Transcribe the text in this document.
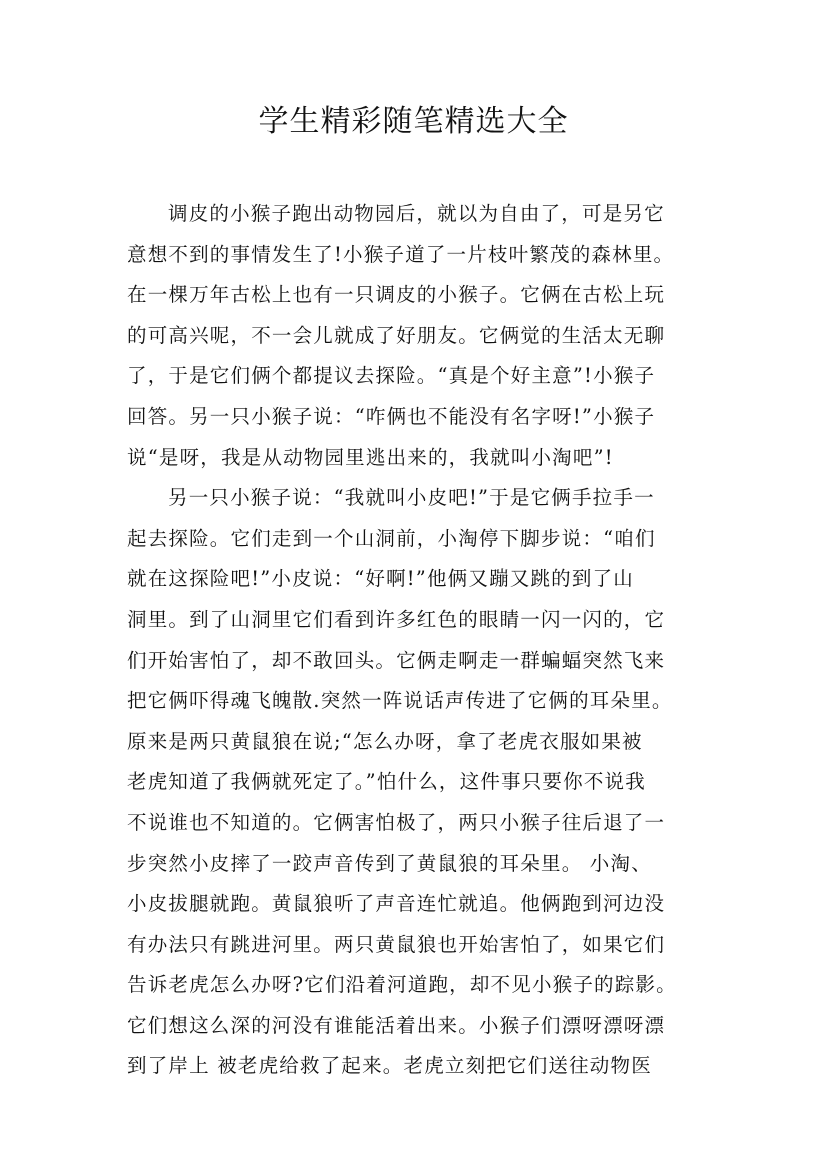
学生精彩随笔精选大全
调皮的小猴子跑出动物园后，就以为自由了，可是另它
意想不到的事情发生了!小猴子道了一片枝叶繁茂的森林里。
在一棵万年古松上也有一只调皮的小猴子。它俩在古松上玩
的可高兴呢，不一会儿就成了好朋友。它俩觉的生活太无聊
了，于是它们俩个都提议去探险。“真是个好主意”!小猴子
回答。另一只小猴子说：“咋俩也不能没有名字呀!”小猴子
说“是呀，我是从动物园里逃出来的，我就叫小淘吧”!
另一只小猴子说：“我就叫小皮吧!”于是它俩手拉手一
起去探险。它们走到一个山洞前，小淘停下脚步说：“咱们
就在这探险吧!”小皮说：“好啊!”他俩又蹦又跳的到了山
洞里。到了山洞里它们看到许多红色的眼睛一闪一闪的，它
们开始害怕了，却不敢回头。它俩走啊走一群蝙蝠突然飞来
把它俩吓得魂飞魄散.突然一阵说话声传进了它俩的耳朵里。
原来是两只黄鼠狼在说;“怎么办呀，拿了老虎衣服如果被
老虎知道了我俩就死定了。”怕什么，这件事只要你不说我
不说谁也不知道的。它俩害怕极了，两只小猴子往后退了一
步突然小皮摔了一跤声音传到了黄鼠狼的耳朵里。 小淘、
小皮拔腿就跑。黄鼠狼听了声音连忙就追。他俩跑到河边没
有办法只有跳进河里。两只黄鼠狼也开始害怕了，如果它们
告诉老虎怎么办呀?它们沿着河道跑，却不见小猴子的踪影。
它们想这么深的河没有谁能活着出来。小猴子们漂呀漂呀漂
到了岸上 被老虎给救了起来。老虎立刻把它们送往动物医
